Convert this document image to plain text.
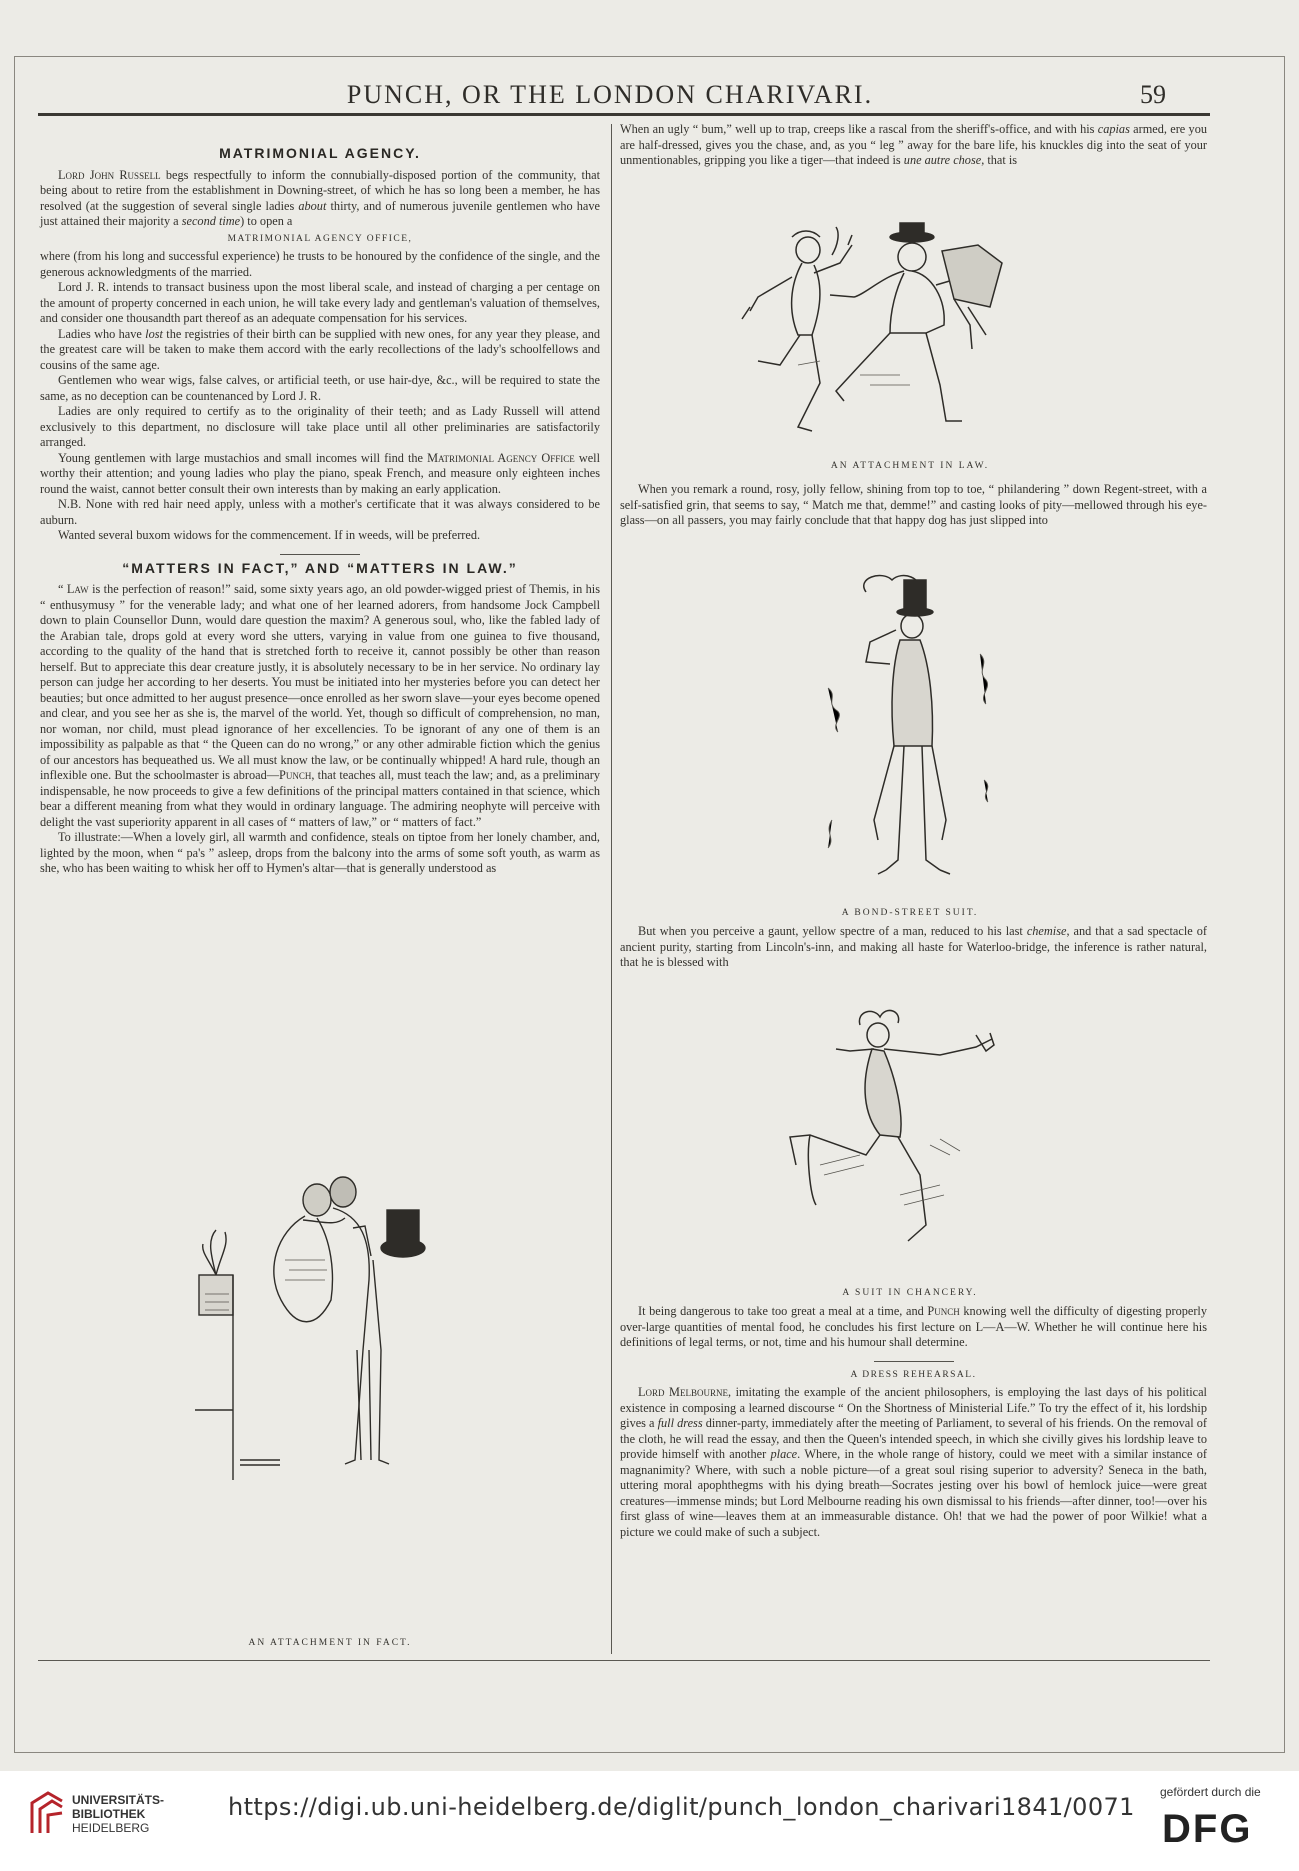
PUNCH, OR THE LONDON CHARIVARI.	59
MATRIMONIAL AGENCY.

Lord John Russell begs respectfully to inform the connubially-disposed portion of the community, that being about to retire from the establishment in Downing-street, of which he has so long been a member, he has resolved (at the suggestion of several single ladies about thirty, and of numerous juvenile gentlemen who have just attained their majority a second time) to open a

MATRIMONIAL AGENCY OFFICE,

where (from his long and successful experience) he trusts to be honoured by the confidence of the single, and the generous acknowledgments of the married.

Lord J. R. intends to transact business upon the most liberal scale, and instead of charging a per centage on the amount of property concerned in each union, he will take every lady and gentleman's valuation of themselves, and consider one thousandth part thereof as an adequate compensation for his services.

Ladies who have lost the registries of their birth can be supplied with new ones, for any year they please, and the greatest care will be taken to make them accord with the early recollections of the lady's schoolfellows and cousins of the same age.

Gentlemen who wear wigs, false calves, or artificial teeth, or use hair-dye, &c., will be required to state the same, as no deception can be countenanced by Lord J. R.

Ladies are only required to certify as to the originality of their teeth; and as Lady Russell will attend exclusively to this department, no disclosure will take place until all other preliminaries are satisfactorily arranged.

Young gentlemen with large mustachios and small incomes will find the Matrimonial Agency Office well worthy their attention; and young ladies who play the piano, speak French, and measure only eighteen inches round the waist, cannot better consult their own interests than by making an early application.

N.B. None with red hair need apply, unless with a mother's certificate that it was always considered to be auburn.

Wanted several buxom widows for the commencement. If in weeds, will be preferred.

“MATTERS IN FACT,” AND “MATTERS IN LAW.”

“ Law is the perfection of reason!” said, some sixty years ago, an old powder-wigged priest of Themis, in his “ enthusymusy ” for the venerable lady; and what one of her learned adorers, from handsome Jock Campbell down to plain Counsellor Dunn, would dare question the maxim? A generous soul, who, like the fabled lady of the Arabian tale, drops gold at every word she utters, varying in value from one guinea to five thousand, according to the quality of the hand that is stretched forth to receive it, cannot possibly be other than reason herself. But to appreciate this dear creature justly, it is absolutely necessary to be in her service. No ordinary lay person can judge her according to her deserts. You must be initiated into her mysteries before you can detect her beauties; but once admitted to her august presence—once enrolled as her sworn slave—your eyes become opened and clear, and you see her as she is, the marvel of the world. Yet, though so difficult of comprehension, no man, nor woman, nor child, must plead ignorance of her excellencies. To be ignorant of any one of them is an impossibility as palpable as that “ the Queen can do no wrong,” or any other admirable fiction which the genius of our ancestors has bequeathed us. We all must know the law, or be continually whipped! A hard rule, though an inflexible one. But the schoolmaster is abroad—Punch, that teaches all, must teach the law; and, as a preliminary indispensable, he now proceeds to give a few definitions of the principal matters contained in that science, which bear a different meaning from what they would in ordinary language. The admiring neophyte will perceive with delight the vast superiority apparent in all cases of “ matters of law,” or “ matters of fact.”

To illustrate:—When a lovely girl, all warmth and confidence, steals on tiptoe from her lonely chamber, and, lighted by the moon, when “ pa's ” asleep, drops from the balcony into the arms of some soft youth, as warm as she, who has been waiting to whisk her off to Hymen's altar—that is generally understood as

AN ATTACHMENT IN FACT.

When an ugly “ bum,” well up to trap, creeps like a rascal from the sheriff's-office, and with his capias armed, ere you are half-dressed, gives you the chase, and, as you “ leg ” away for the bare life, his knuckles dig into the seat of your unmentionables, gripping you like a tiger—that indeed is une autre chose, that is

AN ATTACHMENT IN LAW.

When you remark a round, rosy, jolly fellow, shining from top to toe, “ philandering ” down Regent-street, with a self-satisfied grin, that seems to say, “ Match me that, demme!” and casting looks of pity—mellowed through his eye-glass—on all passers, you may fairly conclude that that happy dog has just slipped into

A BOND-STREET SUIT.

But when you perceive a gaunt, yellow spectre of a man, reduced to his last chemise, and that a sad spectacle of ancient purity, starting from Lincoln's-inn, and making all haste for Waterloo-bridge, the inference is rather natural, that he is blessed with

A SUIT IN CHANCERY.

It being dangerous to take too great a meal at a time, and Punch knowing well the difficulty of digesting properly over-large quantities of mental food, he concludes his first lecture on L—A—W. Whether he will continue here his definitions of legal terms, or not, time and his humour shall determine.

A DRESS REHEARSAL.

Lord Melbourne, imitating the example of the ancient philosophers, is employing the last days of his political existence in composing a learned discourse “ On the Shortness of Ministerial Life.” To try the effect of it, his lordship gives a full dress dinner-party, immediately after the meeting of Parliament, to several of his friends. On the removal of the cloth, he will read the essay, and then the Queen's intended speech, in which she civilly gives his lordship leave to provide himself with another place. Where, in the whole range of history, could we meet with a similar instance of magnanimity? Where, with such a noble picture—of a great soul rising superior to adversity? Seneca in the bath, uttering moral apophthegms with his dying breath—Socrates jesting over his bowl of hemlock juice—were great creatures—immense minds; but Lord Melbourne reading his own dismissal to his friends—after dinner, too!—over his first glass of wine—leaves them at an immeasurable distance. Oh! that we had the power of poor Wilkie! what a picture we could make of such a subject.

UNIVERSITÄTS-
BIBLIOTHEK
HEIDELBERG
https://digi.ub.uni-heidelberg.de/diglit/punch_london_charivari1841/0071
gefördert durch die
DFG
